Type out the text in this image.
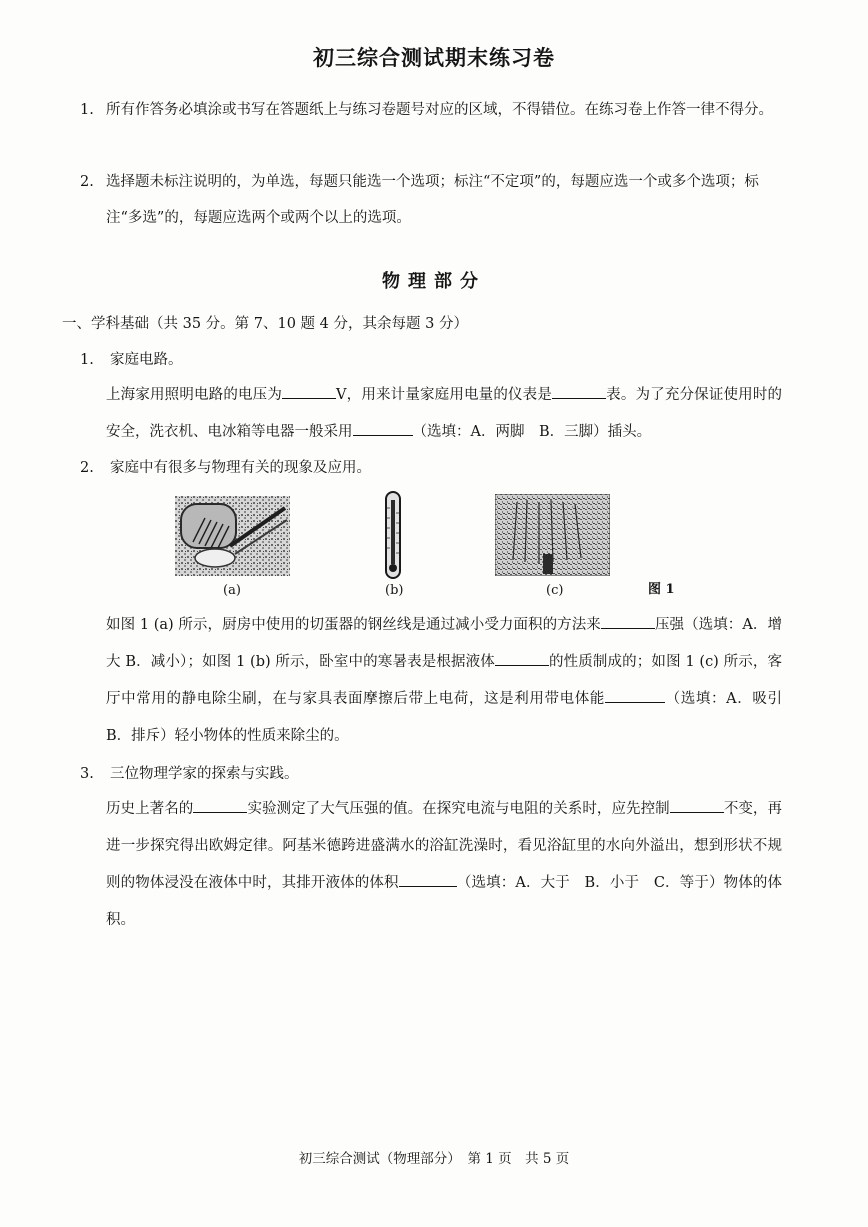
初三综合测试期末练习卷
1. 所有作答务必填涂或书写在答题纸上与练习卷题号对应的区域，不得错位。在练习卷上作答一律不得分。
2. 选择题未标注说明的，为单选，每题只能选一个选项；标注“不定项”的，每题应选一个或多个选项；标注“多选”的，每题应选两个或两个以上的选项。
物理部分
一、学科基础（共 35 分。第 7、10 题 4 分，其余每题 3 分）
1. 家庭电路。
上海家用照明电路的电压为	V，用来计量家庭用电量的仪表是	表。为了充分保证使用时的安全，洗衣机、电冰箱等电器一般采用	（选填：A．两脚　B．三脚）插头。
2. 家庭中有很多与物理有关的现象及应用。
(a)	(b)	(c)	图 1
如图 1 (a) 所示，厨房中使用的切蛋器的钢丝线是通过减小受力面积的方法来	压强（选填：A．增大 B．减小）；如图 1 (b) 所示，卧室中的寒暑表是根据液体	的性质制成的；如图 1 (c) 所示，客厅中常用的静电除尘刷，在与家具表面摩擦后带上电荷，这是利用带电体能	（选填：A．吸引　B．排斥）轻小物体的性质来除尘的。
3. 三位物理学家的探索与实践。
历史上著名的	实验测定了大气压强的值。在探究电流与电阻的关系时，应先控制	不变，再进一步探究得出欧姆定律。阿基米德跨进盛满水的浴缸洗澡时，看见浴缸里的水向外溢出，想到形状不规则的物体浸没在液体中时，其排开液体的体积	（选填：A．大于　B．小于　C．等于）物体的体积。
初三综合测试（物理部分）　第 1 页　共 5 页
